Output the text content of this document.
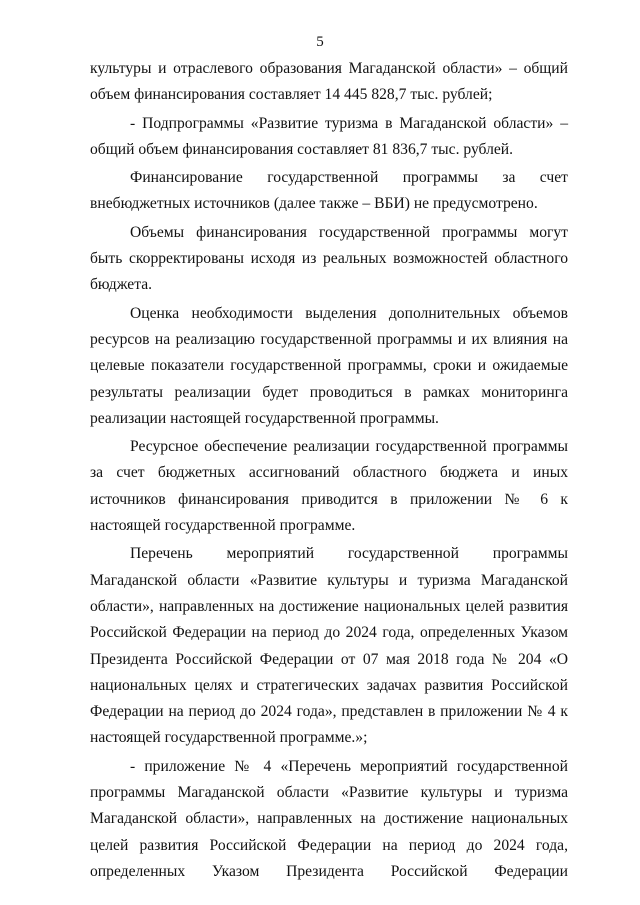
5

культуры и отраслевого образования Магаданской области» – общий объем финансирования составляет 14 445 828,7 тыс. рублей;

- Подпрограммы «Развитие туризма в Магаданской области» – общий объем финансирования составляет 81 836,7 тыс. рублей.

Финансирование государственной программы за счет внебюджетных источников (далее также – ВБИ) не предусмотрено.

Объемы финансирования государственной программы могут быть скорректированы исходя из реальных возможностей областного бюджета.

Оценка необходимости выделения дополнительных объемов ресурсов на реализацию государственной программы и их влияния на целевые показатели государственной программы, сроки и ожидаемые результаты реализации будет проводиться в рамках мониторинга реализации настоящей государственной программы.

Ресурсное обеспечение реализации государственной программы за счет бюджетных ассигнований областного бюджета и иных источников финансирования приводится в приложении № 6 к настоящей государственной программе.

Перечень мероприятий государственной программы Магаданской области «Развитие культуры и туризма Магаданской области», направленных на достижение национальных целей развития Российской Федерации на период до 2024 года, определенных Указом Президента Российской Федерации от 07 мая 2018 года № 204 «О национальных целях и стратегических задачах развития Российской Федерации на период до 2024 года», представлен в приложении № 4 к настоящей государственной программе.»;

- приложение № 4 «Перечень мероприятий государственной программы Магаданской области «Развитие культуры и туризма Магаданской области», направленных на достижение национальных целей развития Российской Федерации на период до 2024 года, определенных Указом Президента Российской Федерации
